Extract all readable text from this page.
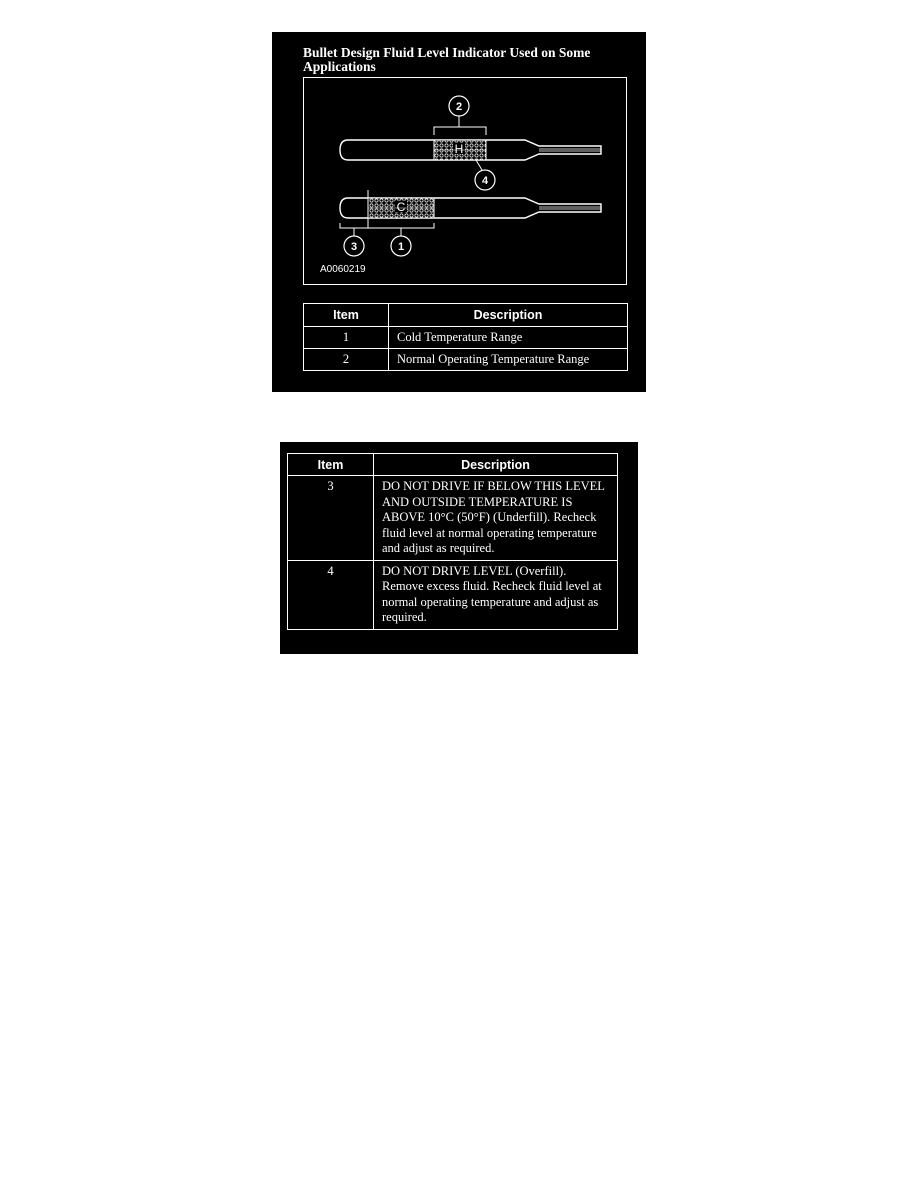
Bullet Design Fluid Level Indicator Used on Some Applications
H
C
2
4
3	1
A0060219
Item	Description
1	Cold Temperature Range
2	Normal Operating Temperature Range
Item	Description
3	DO NOT DRIVE IF BELOW THIS LEVEL AND OUTSIDE TEMPERATURE IS ABOVE 10°C (50°F) (Underfill). Recheck fluid level at normal operating temperature and adjust as required.
4	DO NOT DRIVE LEVEL (Overfill). Remove excess fluid. Recheck fluid level at normal operating temperature and adjust as required.
